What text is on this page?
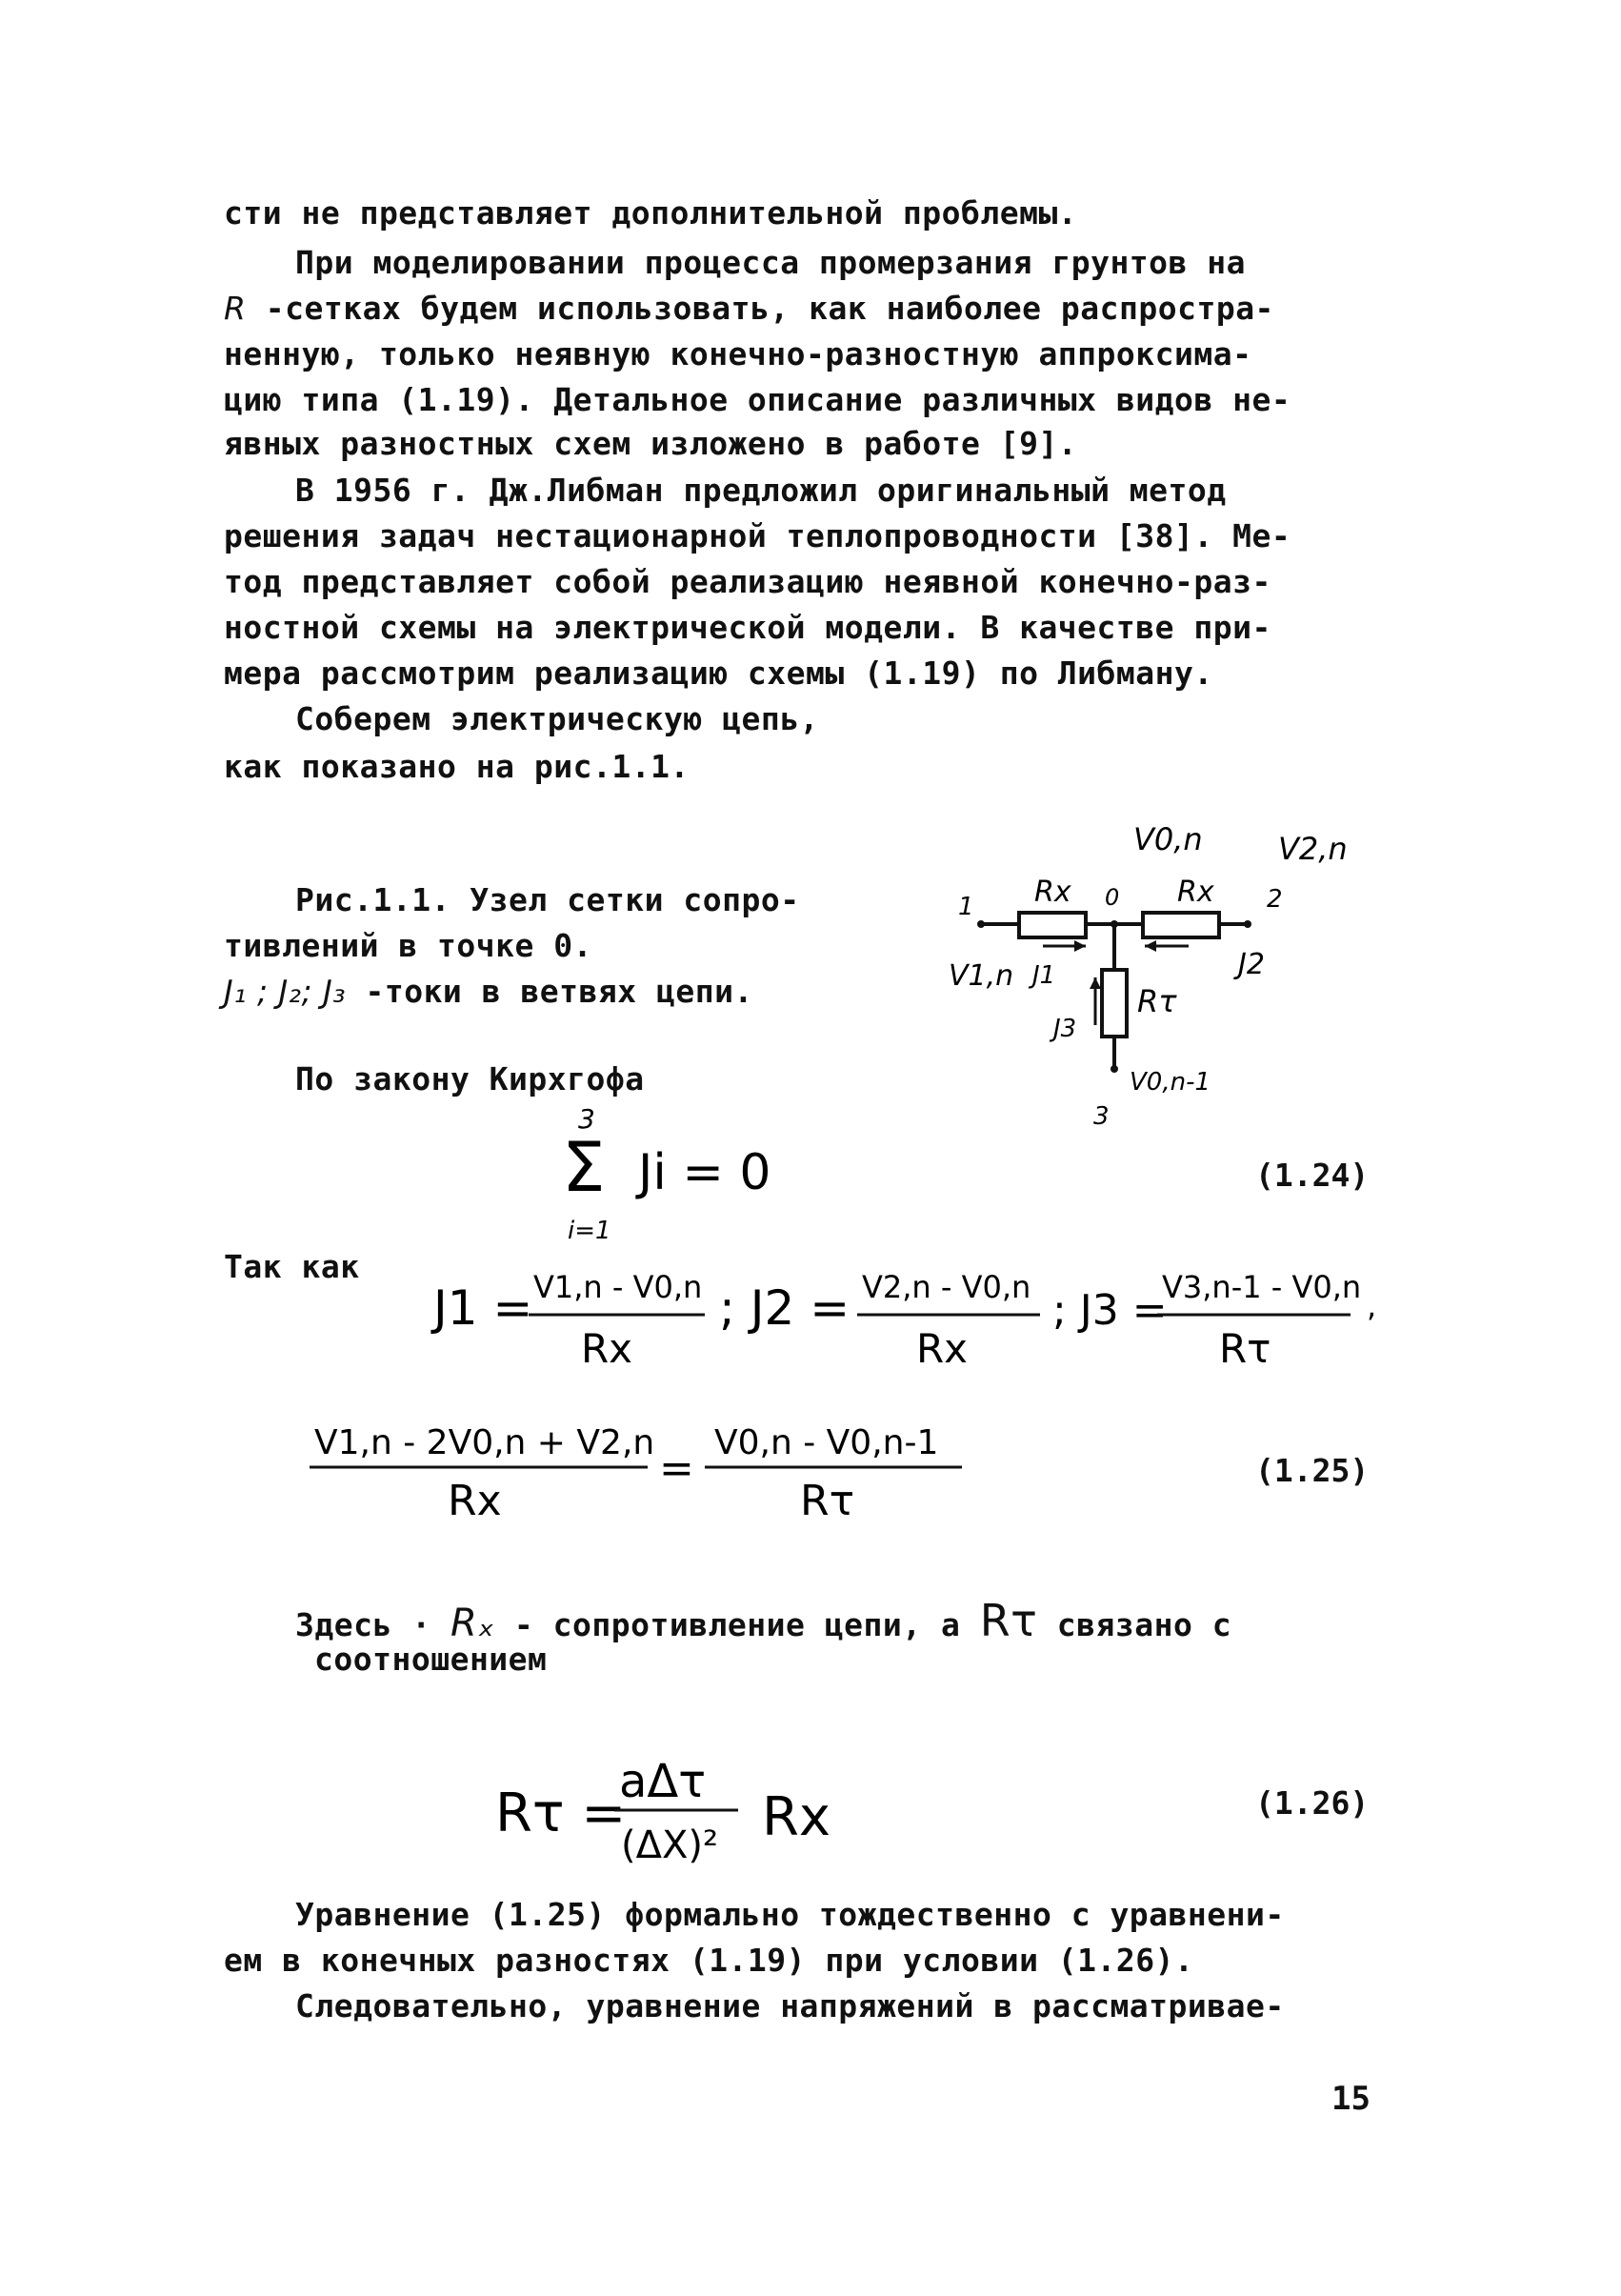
сти не представляет дополнительной проблемы.
При моделировании процесса промерзания грунтов на
R -сетках будем использовать, как наиболее распростра-
ненную, только неявную конечно-разностную аппроксима-
цию типа (1.19). Детальное описание различных видов не-
явных разностных схем изложено в работе [9].
В 1956 г. Дж.Либман предложил оригинальный метод
решения задач нестационарной теплопроводности [38]. Ме-
тод представляет собой реализацию неявной конечно-раз-
ностной схемы на электрической модели. В качестве при-
мера рассмотрим реализацию схемы (1.19) по Либману.
Соберем электрическую цепь,
как показано на рис.1.1.
Рис.1.1. Узел сетки сопро-
тивлений в точке 0.
J₁ ; J₂; J₃ -токи в ветвях цепи.
V0,n V2,n
Rx 0 Rx
1	2
V1,n J1	J2
J3
Rτ
V0,n-1
3
По закону Кирхгофа
3
Σ
i=1
Ji = 0	(1.24)
Так как
J1 = V1,n - V0,n
Rx
; J2 = V2,n - V0,n
Rx
; J3 =
V3,n-1 - V0,n
Rτ
,
V1,n - 2V0,n + V2,n
Rx
=
V0,n - V0,n-1
Rτ
(1.25)
Здесь · Rₓ - сопротивление цепи, а Rτ связано с
соотношением
Rτ =
aΔτ
(ΔX)² Rx	(1.26)
Уравнение (1.25) формально тождественно с уравнени-
ем в конечных разностях (1.19) при условии (1.26).
Следовательно, уравнение напряжений в рассматривае-
15
